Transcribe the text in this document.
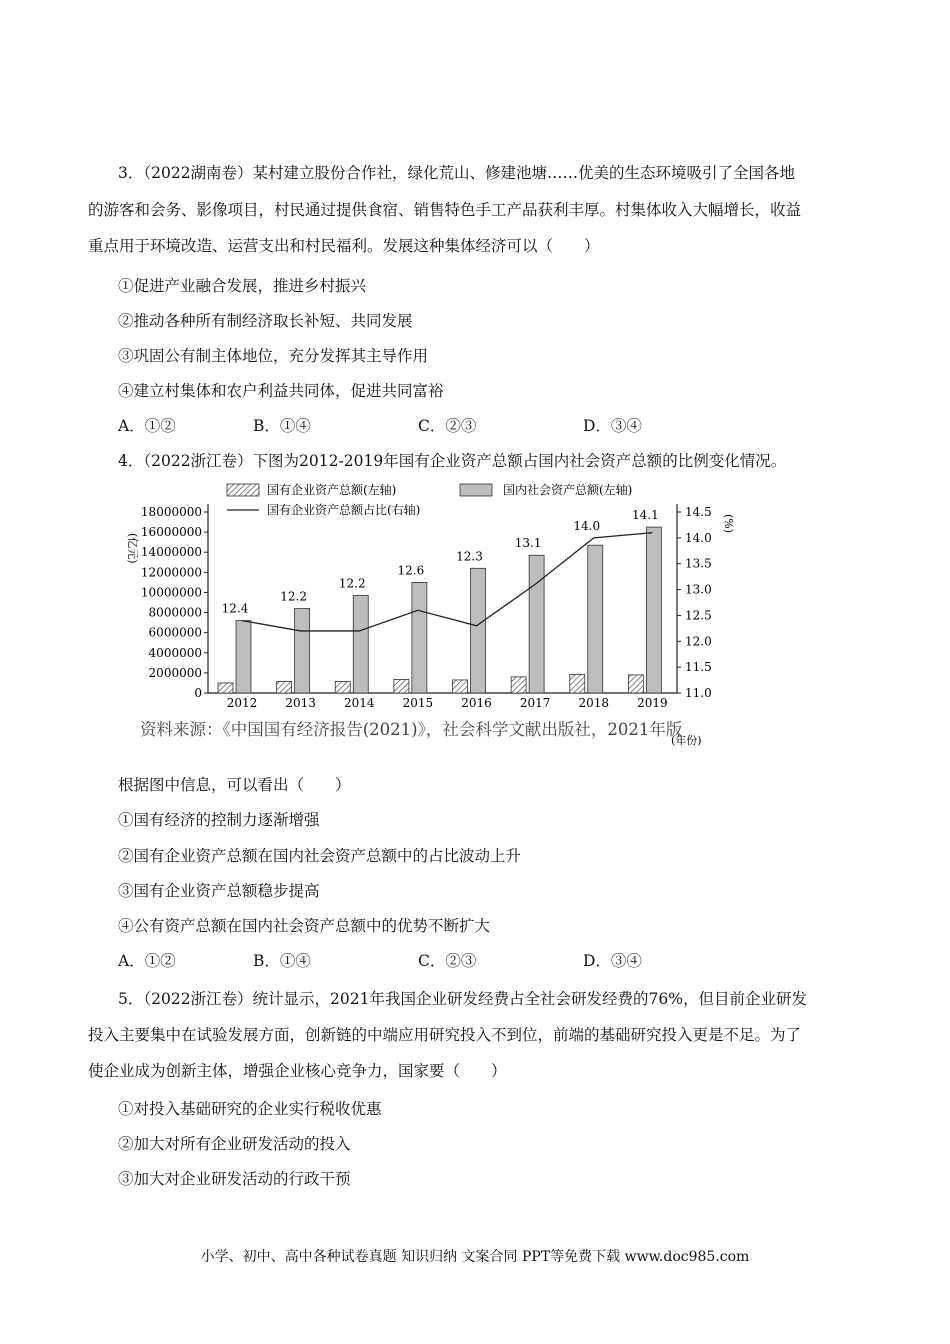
3．（2022湖南卷）某村建立股份合作社，绿化荒山、修建池塘……优美的生态环境吸引了全国各地
的游客和会务、影像项目，村民通过提供食宿、销售特色手工产品获利丰厚。村集体收入大幅增长，收益
重点用于环境改造、运营支出和村民福利。发展这种集体经济可以（　　）
①促进产业融合发展，推进乡村振兴
②推动各种所有制经济取长补短、共同发展
③巩固公有制主体地位，充分发挥其主导作用
④建立村集体和农户利益共同体，促进共同富裕
A．①②	B．①④	C．②③	D．③④
4．（2022浙江卷）下图为2012-2019年国有企业资产总额占国内社会资产总额的比例变化情况。
国有企业资产总额(左轴)	国内社会资产总额(左轴)
国有企业资产总额占比(右轴)
(亿元)
(%)
(年份)
0
2000000
4000000
6000000
8000000
10000000
12000000
14000000
16000000
18000000
11.0
11.5
12.0
12.5
13.0
13.5
14.0
14.5
2012 2013 2014 2015 2016 2017 2018 2019
12.4
12.2
12.2
12.6
12.3
13.1
14.0
14.1
资料来源：《中国国有经济报告(2021)》，社会科学文献出版社，2021年版
根据图中信息，可以看出（　　）
①国有经济的控制力逐渐增强
②国有企业资产总额在国内社会资产总额中的占比波动上升
③国有企业资产总额稳步提高
④公有资产总额在国内社会资产总额中的优势不断扩大
A．①②	B．①④	C．②③	D．③④
5．（2022浙江卷）统计显示，2021年我国企业研发经费占全社会研发经费的76%，但目前企业研发
投入主要集中在试验发展方面，创新链的中端应用研究投入不到位，前端的基础研究投入更是不足。为了
使企业成为创新主体，增强企业核心竞争力，国家要（　　）
①对投入基础研究的企业实行税收优惠
②加大对所有企业研发活动的投入
③加大对企业研发活动的行政干预
小学、初中、高中各种试卷真题 知识归纳 文案合同 PPT等免费下载 www.doc985.com
